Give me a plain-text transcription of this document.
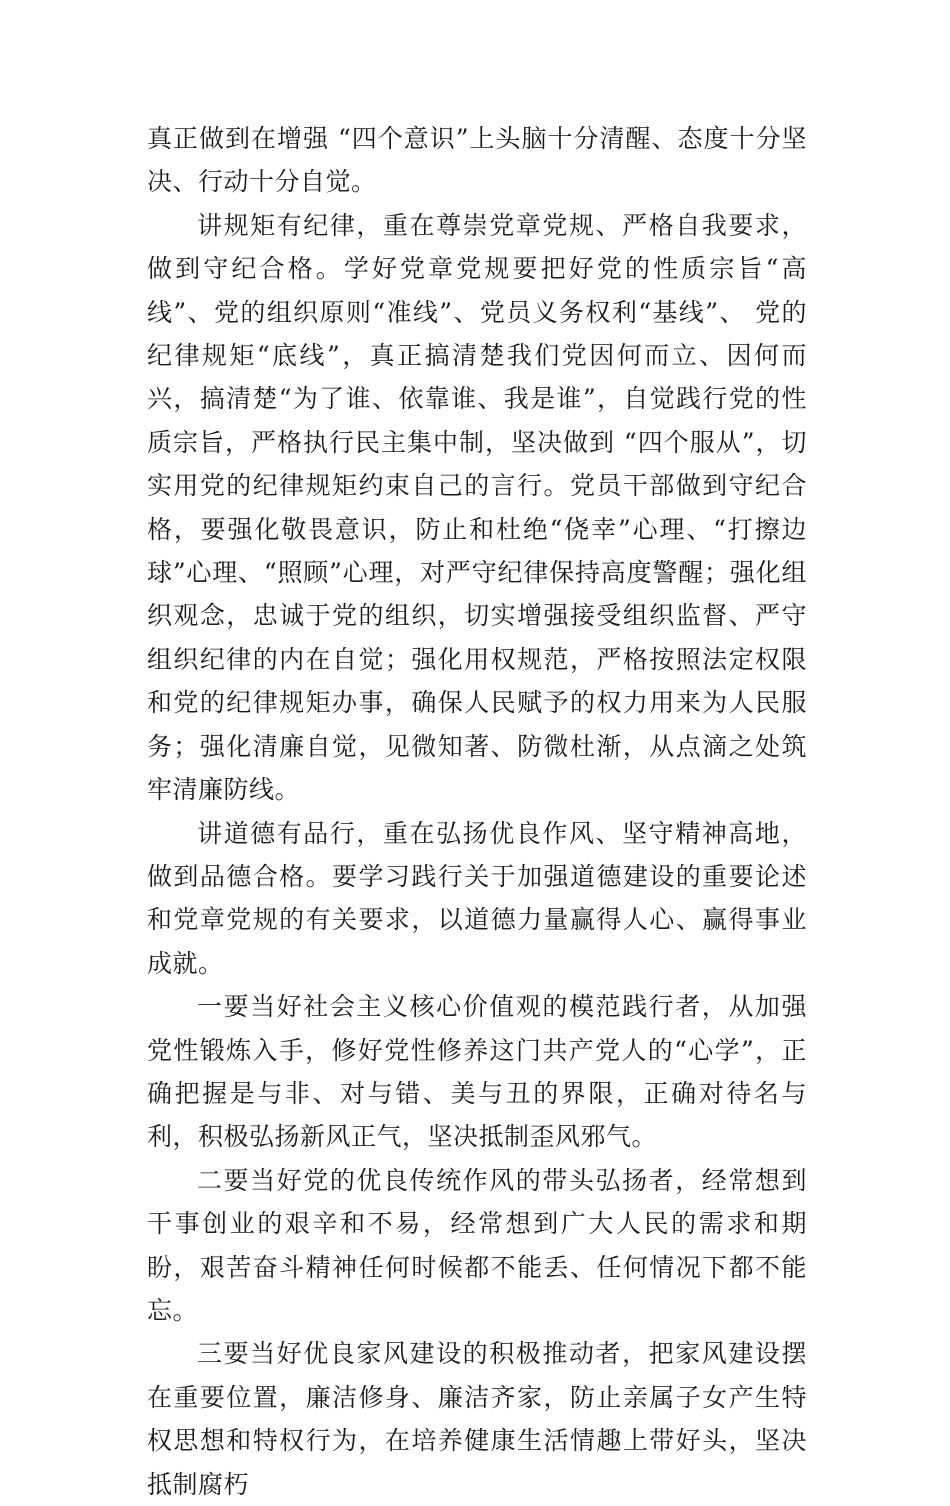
真正做到在增强 “四个意识”上头脑十分清醒、态度十分坚决、行动十分自觉。

讲规矩有纪律，重在尊崇党章党规、严格自我要求，做到守纪合格。学好党章党规要把好党的性质宗旨“高线”、党的组织原则“准线”、党员义务权利“基线”、 党的纪律规矩“底线”，真正搞清楚我们党因何而立、因何而兴，搞清楚“为了谁、依靠谁、我是谁”，自觉践行党的性质宗旨，严格执行民主集中制，坚决做到 “四个服从”，切实用党的纪律规矩约束自己的言行。党员干部做到守纪合格，要强化敬畏意识，防止和杜绝“侥幸”心理、“打擦边球”心理、“照顾”心理，对严守纪律保持高度警醒；强化组织观念，忠诚于党的组织，切实增强接受组织监督、严守组织纪律的内在自觉；强化用权规范，严格按照法定权限和党的纪律规矩办事，确保人民赋予的权力用来为人民服务；强化清廉自觉，见微知著、防微杜渐，从点滴之处筑牢清廉防线。

讲道德有品行，重在弘扬优良作风、坚守精神高地，做到品德合格。要学习践行关于加强道德建设的重要论述和党章党规的有关要求，以道德力量赢得人心、赢得事业成就。

一要当好社会主义核心价值观的模范践行者，从加强党性锻炼入手，修好党性修养这门共产党人的“心学”，正确把握是与非、对与错、美与丑的界限，正确对待名与利，积极弘扬新风正气，坚决抵制歪风邪气。

二要当好党的优良传统作风的带头弘扬者，经常想到干事创业的艰辛和不易，经常想到广大人民的需求和期盼，艰苦奋斗精神任何时候都不能丢、任何情况下都不能忘。

三要当好优良家风建设的积极推动者，把家风建设摆在重要位置，廉洁修身、廉洁齐家，防止亲属子女产生特权思想和特权行为，在培养健康生活情趣上带好头，坚决抵制腐朽
